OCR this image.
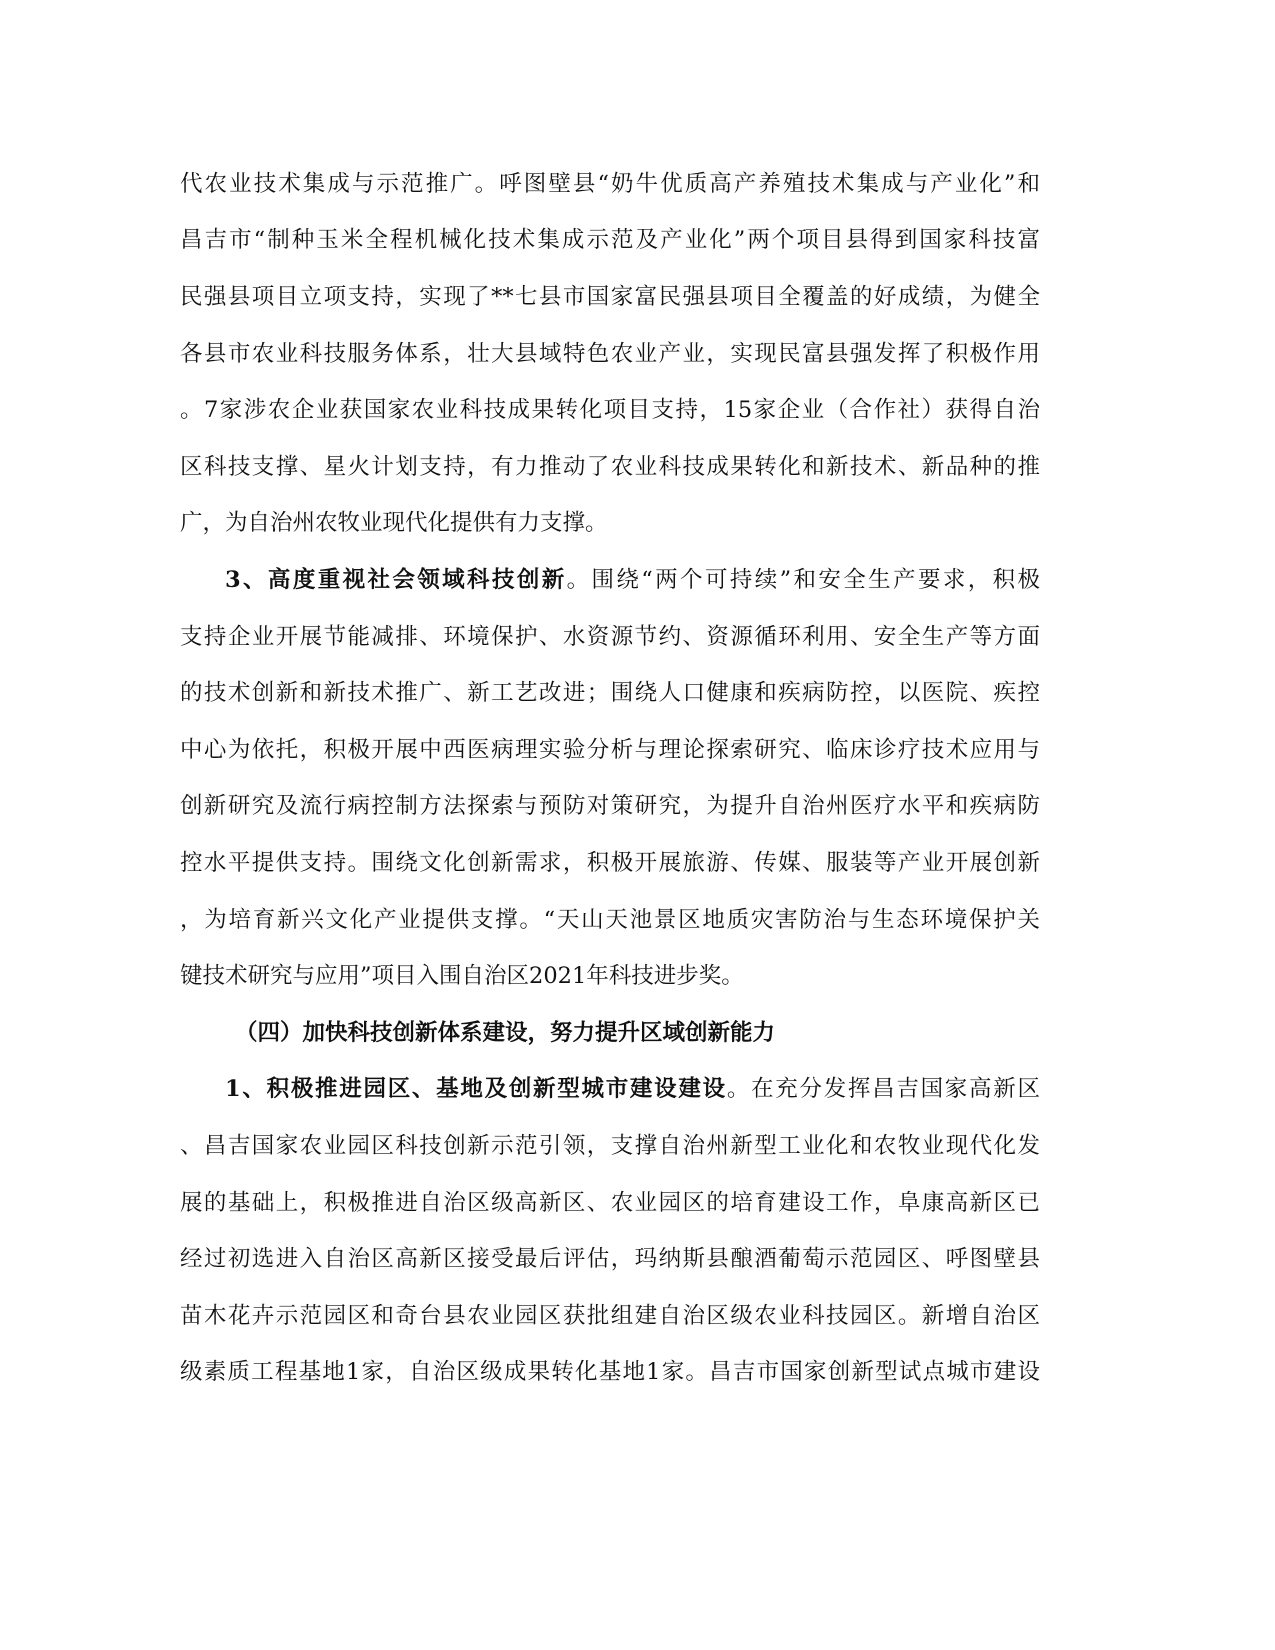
代农业技术集成与示范推广。呼图壁县“奶牛优质高产养殖技术集成与产业化”和
昌吉市“制种玉米全程机械化技术集成示范及产业化”两个项目县得到国家科技富
民强县项目立项支持，实现了**七县市国家富民强县项目全覆盖的好成绩，为健全
各县市农业科技服务体系，壮大县域特色农业产业，实现民富县强发挥了积极作用
。7家涉农企业获国家农业科技成果转化项目支持，15家企业（合作社）获得自治
区科技支撑、星火计划支持，有力推动了农业科技成果转化和新技术、新品种的推
广，为自治州农牧业现代化提供有力支撑。
3、高度重视社会领域科技创新。围绕“两个可持续”和安全生产要求，积极
支持企业开展节能减排、环境保护、水资源节约、资源循环利用、安全生产等方面
的技术创新和新技术推广、新工艺改进；围绕人口健康和疾病防控，以医院、疾控
中心为依托，积极开展中西医病理实验分析与理论探索研究、临床诊疗技术应用与
创新研究及流行病控制方法探索与预防对策研究，为提升自治州医疗水平和疾病防
控水平提供支持。围绕文化创新需求，积极开展旅游、传媒、服装等产业开展创新
，为培育新兴文化产业提供支撑。“天山天池景区地质灾害防治与生态环境保护关
键技术研究与应用”项目入围自治区2021年科技进步奖。
（四）加快科技创新体系建设，努力提升区域创新能力
1、积极推进园区、基地及创新型城市建设建设。在充分发挥昌吉国家高新区
、昌吉国家农业园区科技创新示范引领，支撑自治州新型工业化和农牧业现代化发
展的基础上，积极推进自治区级高新区、农业园区的培育建设工作，阜康高新区已
经过初选进入自治区高新区接受最后评估，玛纳斯县酿酒葡萄示范园区、呼图壁县
苗木花卉示范园区和奇台县农业园区获批组建自治区级农业科技园区。新增自治区
级素质工程基地1家，自治区级成果转化基地1家。昌吉市国家创新型试点城市建设
